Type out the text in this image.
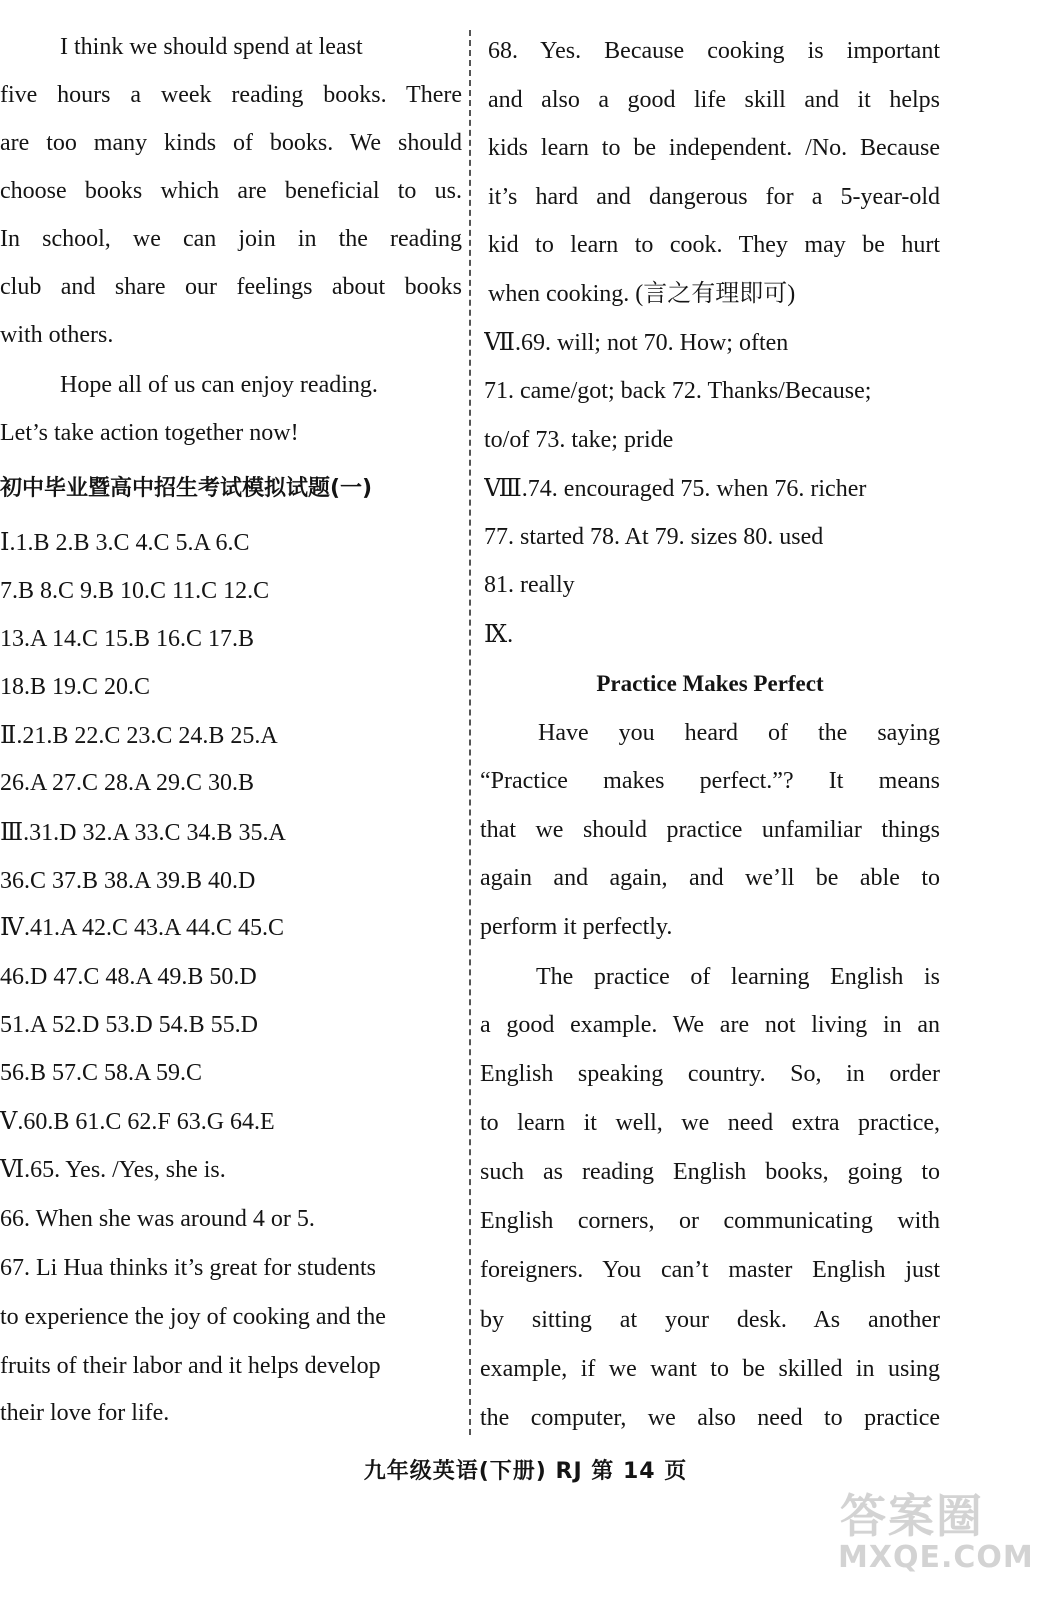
I think we should spend at least
five hours a week reading books. There
are too many kinds of books. We should
choose books which are beneficial to us.
In school, we can join in the reading
club and share our feelings about books
with others.
Hope all of us can enjoy reading.
Let’s take action together now!
初中毕业暨高中招生考试模拟试题(一)
Ⅰ.1.B 2.B 3.C 4.C 5.A 6.C
7.B 8.C 9.B 10.C 11.C 12.C
13.A 14.C 15.B 16.C 17.B
18.B 19.C 20.C
Ⅱ.21.B 22.C 23.C 24.B 25.A
26.A 27.C 28.A 29.C 30.B
Ⅲ.31.D 32.A 33.C 34.B 35.A
36.C 37.B 38.A 39.B 40.D
Ⅳ.41.A 42.C 43.A 44.C 45.C
46.D 47.C 48.A 49.B 50.D
51.A 52.D 53.D 54.B 55.D
56.B 57.C 58.A 59.C
Ⅴ.60.B 61.C 62.F 63.G 64.E
Ⅵ.65. Yes. /Yes, she is.
66. When she was around 4 or 5.
67. Li Hua thinks it’s great for students
to experience the joy of cooking and the
fruits of their labor and it helps develop
their love for life.
68. Yes. Because cooking is important
and also a good life skill and it helps
kids learn to be independent. /No. Because
it’s hard and dangerous for a 5-year-old
kid to learn to cook. They may be hurt
when cooking. (言之有理即可)
Ⅶ.69. will; not 70. How; often
71. came/got; back 72. Thanks/Because;
to/of 73. take; pride
Ⅷ.74. encouraged 75. when 76. richer
77. started 78. At 79. sizes 80. used
81. really
Ⅸ.
Practice Makes Perfect
Have you heard of the saying
“Practice makes perfect.”? It means
that we should practice unfamiliar things
again and again, and we’ll be able to
perform it perfectly.
The practice of learning English is
a good example. We are not living in an
English speaking country. So, in order
to learn it well, we need extra practice,
such as reading English books, going to
English corners, or communicating with
foreigners. You can’t master English just
by sitting at your desk. As another
example, if we want to be skilled in using
the computer, we also need to practice
九年级英语(下册) RJ 第 14 页
答案圈
MXQE.COM
